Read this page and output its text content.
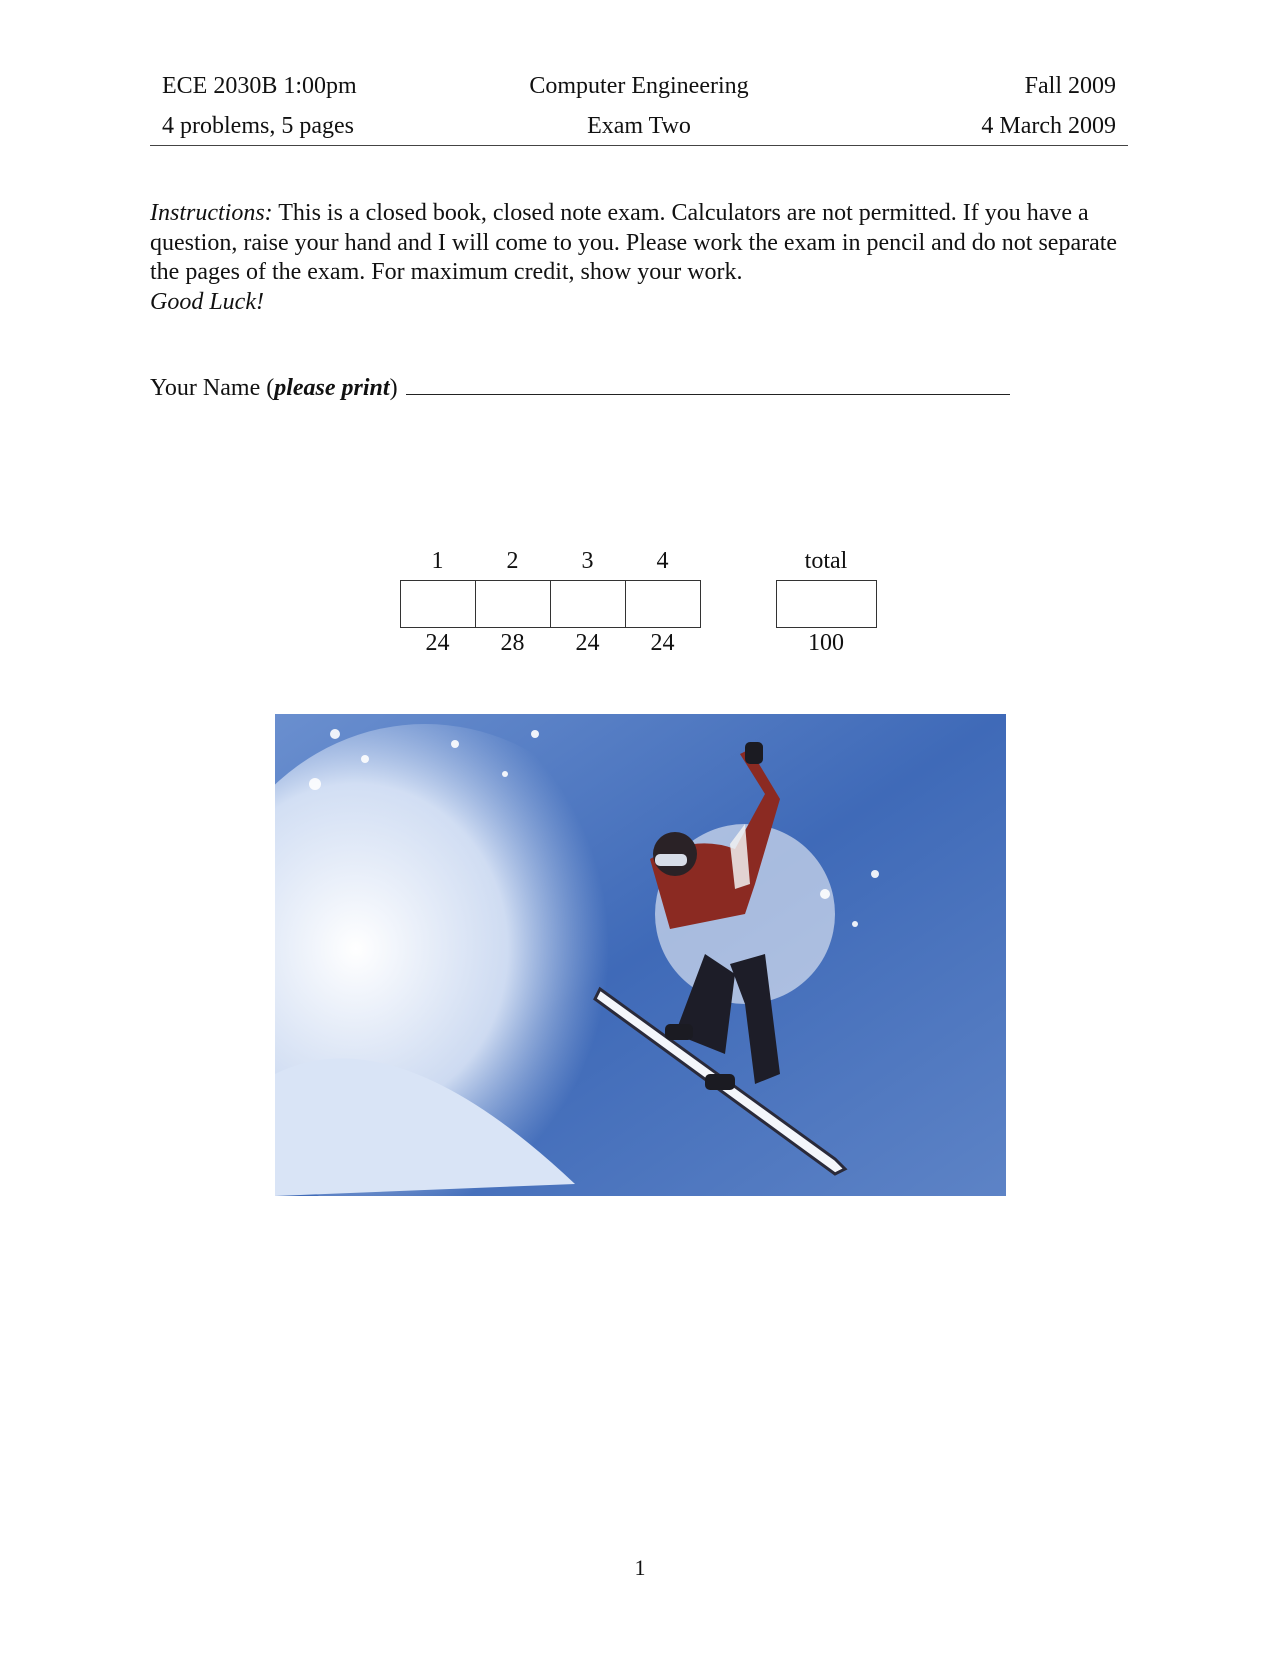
ECE 2030B 1:00pm	Computer Engineering	Fall 2009
4 problems, 5 pages	Exam Two	4 March 2009
Instructions: This is a closed book, closed note exam. Calculators are not permitted. If you have a question, raise your hand and I will come to you. Please work the exam in pencil and do not separate the pages of the exam. For maximum credit, show your work.
Good Luck!
Your Name (please print)
1	2	3	4	total
24	28	24	24	100
1
